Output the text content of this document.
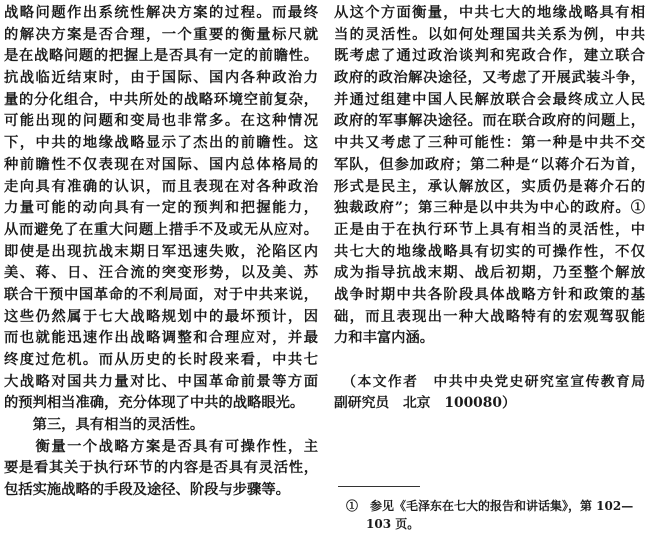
战略问题作出系统性解决方案的过程。而最终
的解决方案是否合理，一个重要的衡量标尺就
是在战略问题的把握上是否具有一定的前瞻性。
抗战临近结束时，由于国际、国内各种政治力
量的分化组合，中共所处的战略环境空前复杂，
可能出现的问题和变局也非常多。在这种情况
下，中共的地缘战略显示了杰出的前瞻性。这
种前瞻性不仅表现在对国际、国内总体格局的
走向具有准确的认识，而且表现在对各种政治
力量可能的动向具有一定的预判和把握能力，
从而避免了在重大问题上措手不及或无从应对。
即使是出现抗战末期日军迅速失败，沦陷区内
美、蒋、日、汪合流的突变形势，以及美、苏
联合干预中国革命的不利局面，对于中共来说，
这些仍然属于七大战略规划中的最坏预计，因
而也就能迅速作出战略调整和合理应对，并最
终度过危机。而从历史的长时段来看，中共七
大战略对国共力量对比、中国革命前景等方面
的预判相当准确，充分体现了中共的战略眼光。
　　第三，具有相当的灵活性。
　　衡量一个战略方案是否具有可操作性，主
要是看其关于执行环节的内容是否具有灵活性，
包括实施战略的手段及途径、阶段与步骤等。
从这个方面衡量，中共七大的地缘战略具有相
当的灵活性。以如何处理国共关系为例，中共
既考虑了通过政治谈判和宪政合作，建立联合
政府的政治解决途径，又考虑了开展武装斗争，
并通过组建中国人民解放联合会最终成立人民
政府的军事解决途径。而在联合政府的问题上，
中共又考虑了三种可能性：第一种是中共不交
军队，但参加政府；第二种是“以蒋介石为首，
形式是民主，承认解放区，实质仍是蒋介石的
独裁政府”；第三种是以中共为中心的政府。①
正是由于在执行环节上具有相当的灵活性，中
共七大的地缘战略具有切实的可操作性，不仅
成为指导抗战末期、战后初期，乃至整个解放
战争时期中共各阶段具体战略方针和政策的基
础，而且表现出一种大战略特有的宏观驾驭能
力和丰富内涵。
　（本文作者　中共中央党史研究室宣传教育局
副研究员　北京　100080）
①　参见《毛泽东在七大的报告和讲话集》，第 102—
103 页。
